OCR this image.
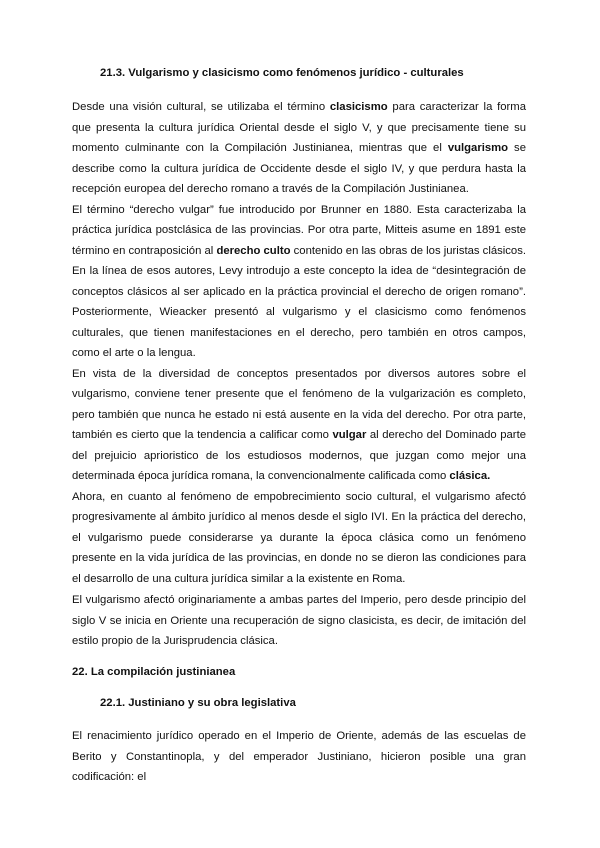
21.3. Vulgarismo y clasicismo como fenómenos jurídico - culturales

Desde una visión cultural, se utilizaba el término clasicismo para caracterizar la forma que presenta la cultura jurídica Oriental desde el siglo V, y que precisamente tiene su momento culminante con la Compilación Justinianea, mientras que el vulgarismo se describe como la cultura jurídica de Occidente desde el siglo IV, y que perdura hasta la recepción europea del derecho romano a través de la Compilación Justinianea.

El término “derecho vulgar” fue introducido por Brunner en 1880. Esta caracterizaba la práctica jurídica postclásica de las provincias. Por otra parte, Mitteis asume en 1891 este término en contraposición al derecho culto contenido en las obras de los juristas clásicos. En la línea de esos autores, Levy introdujo a este concepto la idea de “desintegración de conceptos clásicos al ser aplicado en la práctica provincial el derecho de origen romano”. Posteriormente, Wieacker presentó al vulgarismo y el clasicismo como fenómenos culturales, que tienen manifestaciones en el derecho, pero también en otros campos, como el arte o la lengua.

En vista de la diversidad de conceptos presentados por diversos autores sobre el vulgarismo, conviene tener presente que el fenómeno de la vulgarización es completo, pero también que nunca he estado ni está ausente en la vida del derecho. Por otra parte, también es cierto que la tendencia a calificar como vulgar al derecho del Dominado parte del prejuicio aprioristico de los estudiosos modernos, que juzgan como mejor una determinada época jurídica romana, la convencionalmente calificada como clásica.

Ahora, en cuanto al fenómeno de empobrecimiento socio cultural, el vulgarismo afectó progresivamente al ámbito jurídico al menos desde el siglo IVI. En la práctica del derecho, el vulgarismo puede considerarse ya durante la época clásica como un fenómeno presente en la vida jurídica de las provincias, en donde no se dieron las condiciones para el desarrollo de una cultura jurídica similar a la existente en Roma.

El vulgarismo afectó originariamente a ambas partes del Imperio, pero desde principio del siglo V se inicia en Oriente una recuperación de signo clasicista, es decir, de imitación del estilo propio de la Jurisprudencia clásica.

22. La compilación justinianea
22.1. Justiniano y su obra legislativa

El renacimiento jurídico operado en el Imperio de Oriente, además de las escuelas de Berito y Constantinopla, y del emperador Justiniano, hicieron posible una gran codificación: el
